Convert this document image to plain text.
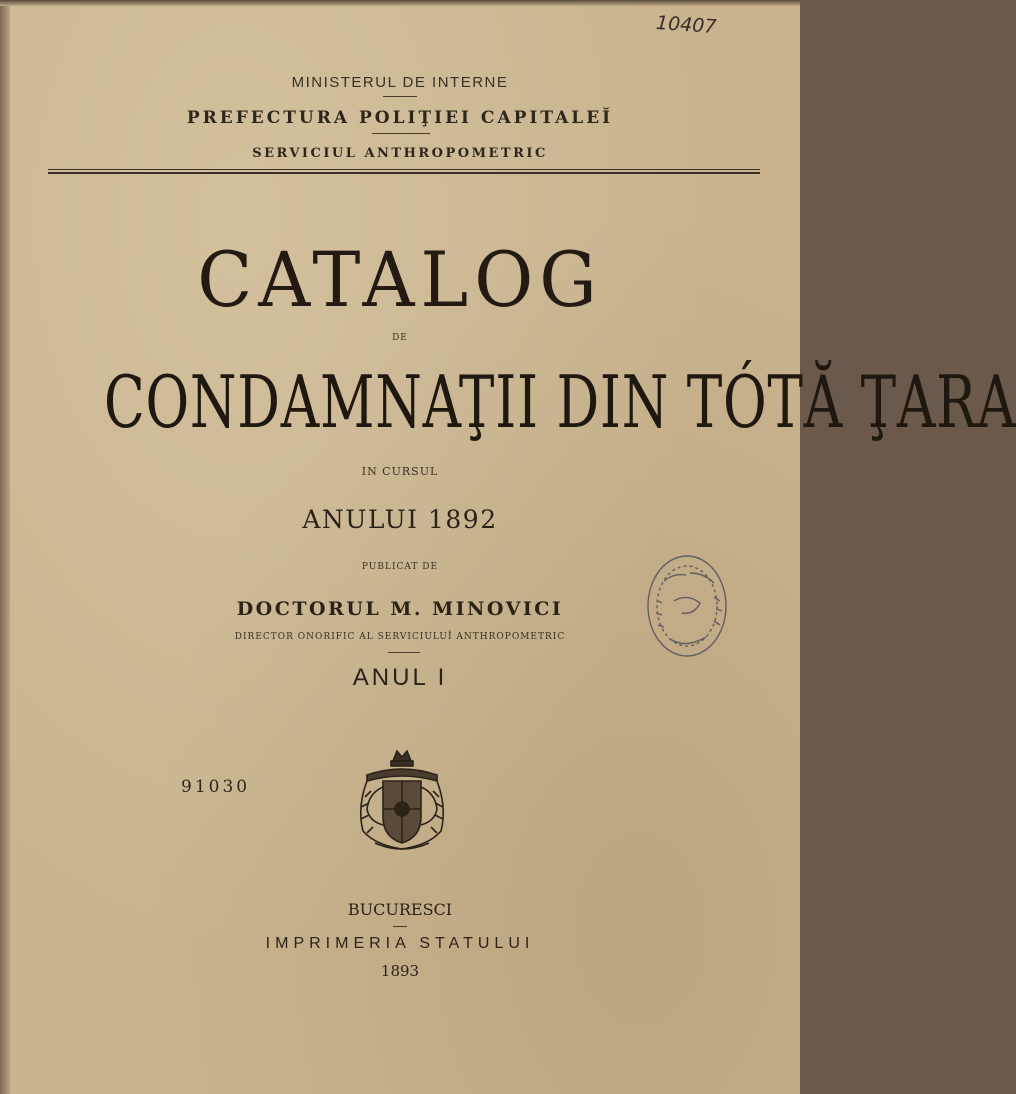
10407
MINISTERUL DE INTERNE
PREFECTURA POLIŢIEI CAPITALEĬ
SERVICIUL ANTHROPOMETRIC
CATALOG
DE
CONDAMNAŢII DIN TÓTĂ ŢARA
IN CURSUL
ANULUI 1892
PUBLICAT DE
DOCTORUL M. MINOVICI
DIRECTOR ONORIFIC AL SERVICIULUĬ ANTHROPOMETRIC
ANUL I
91030
BUCURESCI
IMPRIMERIA STATULUI
1893
